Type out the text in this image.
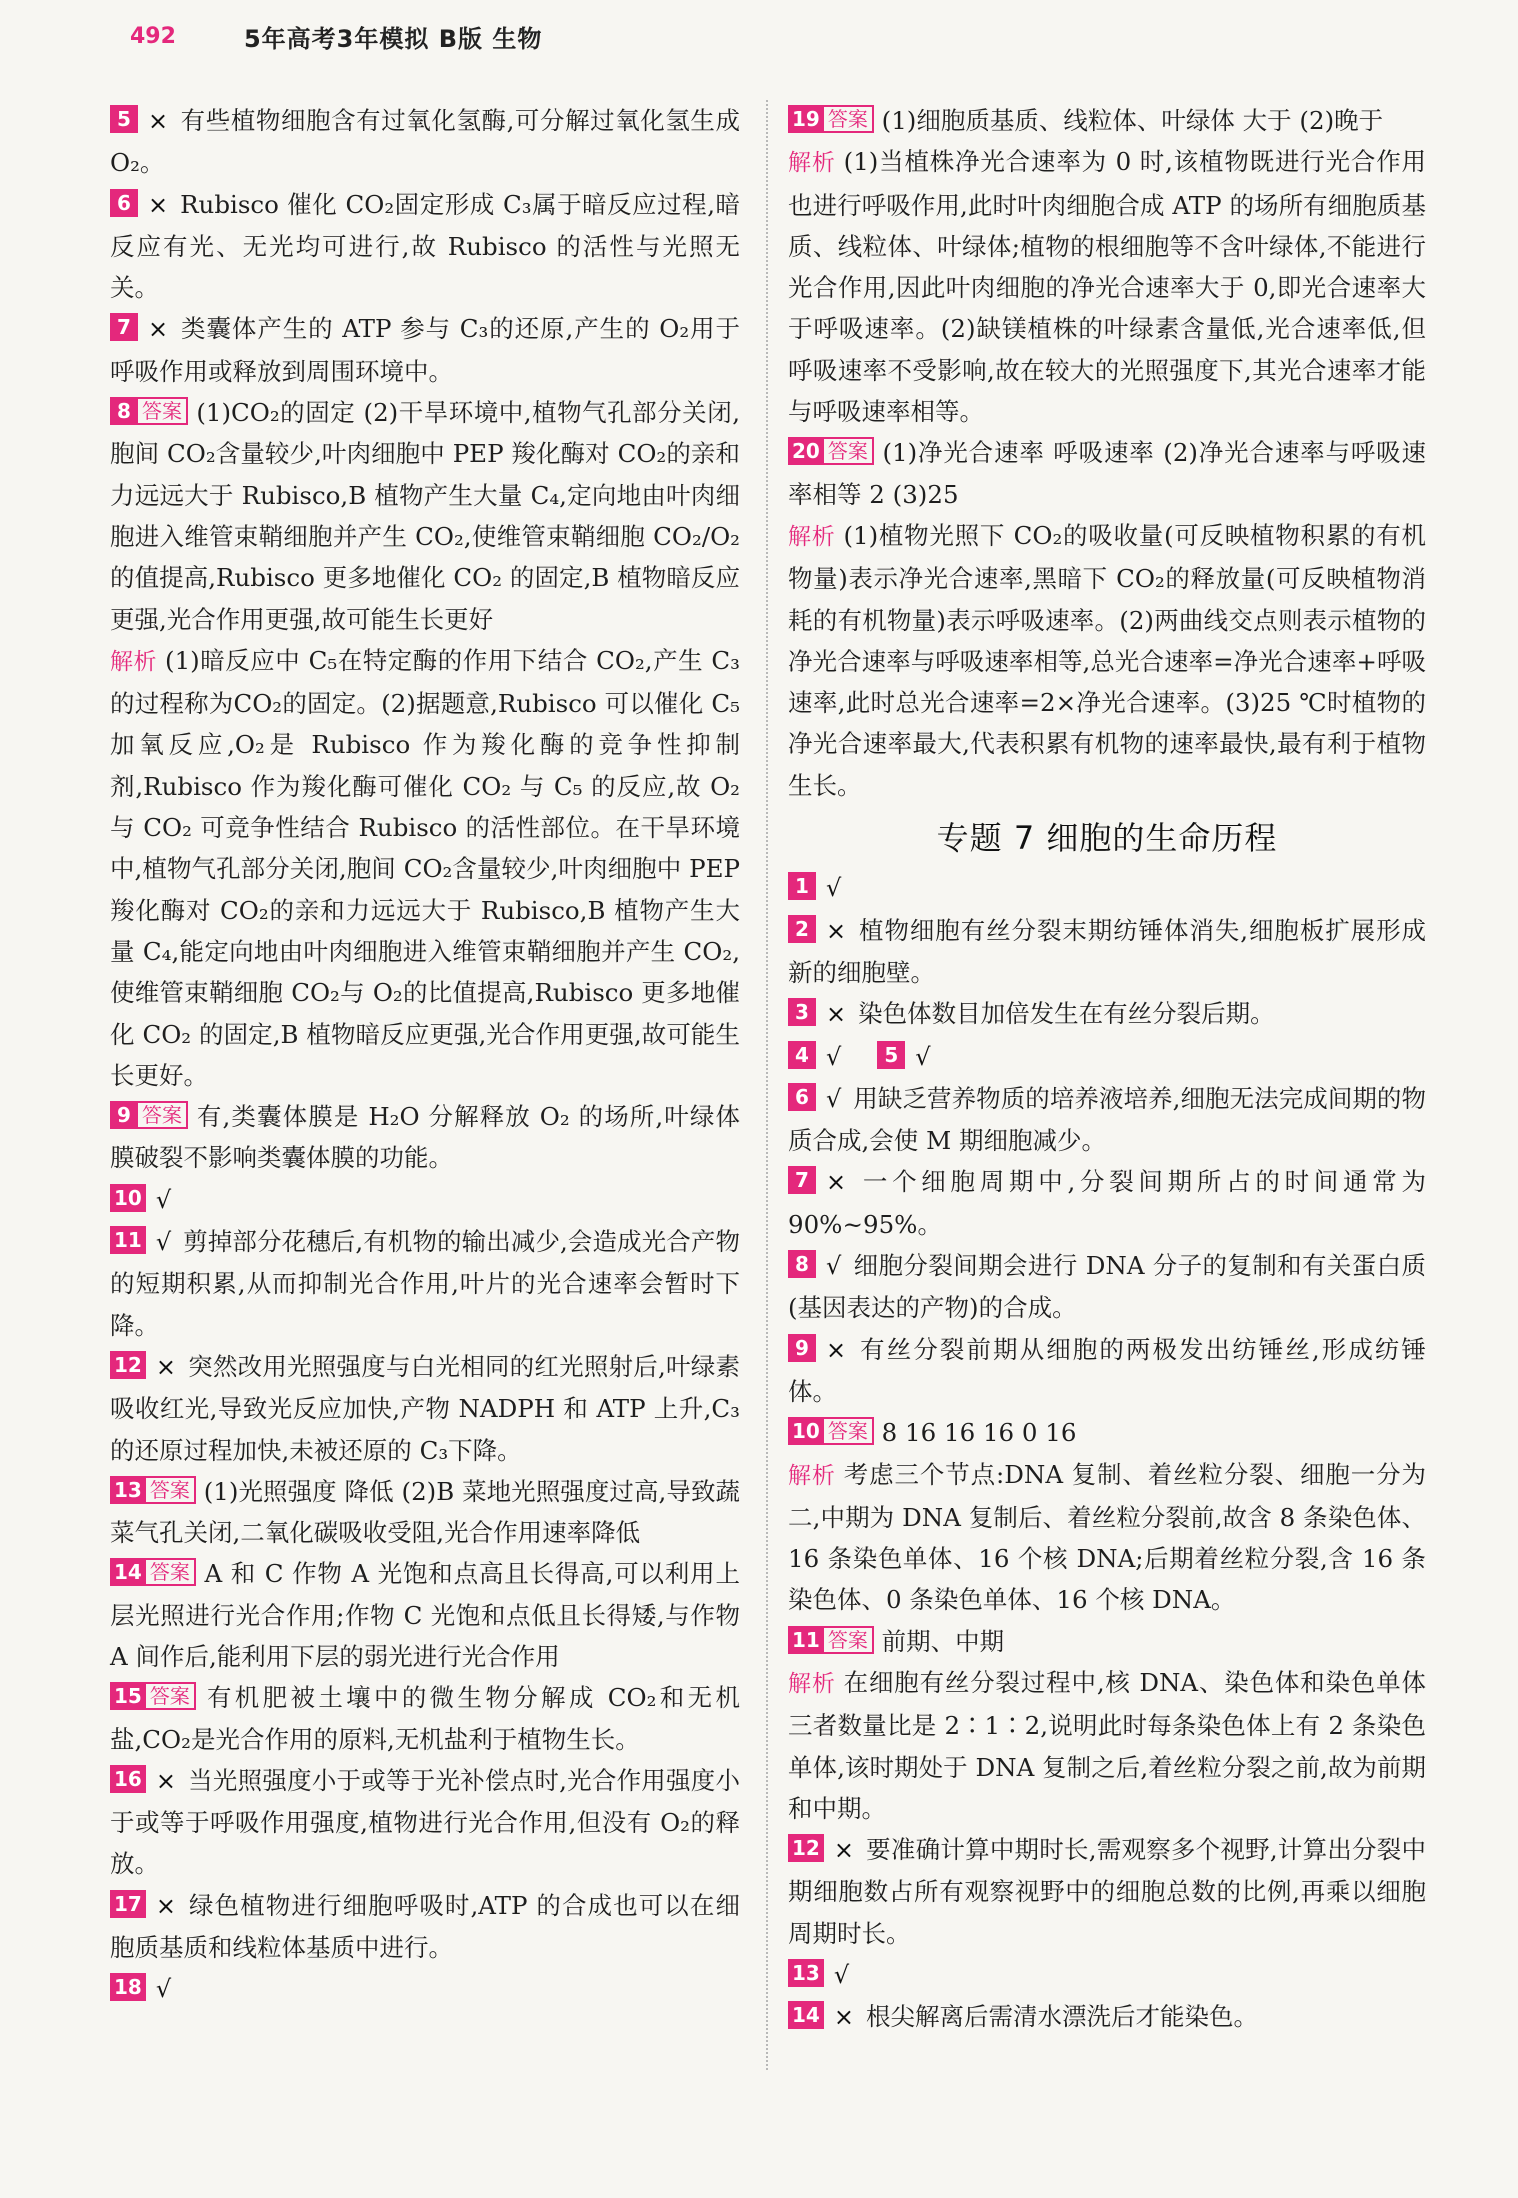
492	5年高考3年模拟 B版 生物
5 × 有些植物细胞含有过氧化氢酶,可分解过氧化氢生成 O₂。
6 × Rubisco 催化 CO₂固定形成 C₃属于暗反应过程,暗反应有光、无光均可进行,故 Rubisco 的活性与光照无关。
7 × 类囊体产生的 ATP 参与 C₃的还原,产生的 O₂用于呼吸作用或释放到周围环境中。
8 答案 (1)CO₂的固定 (2)干旱环境中,植物气孔部分关闭,胞间 CO₂含量较少,叶肉细胞中 PEP 羧化酶对 CO₂的亲和力远远大于 Rubisco,B 植物产生大量 C₄,定向地由叶肉细胞进入维管束鞘细胞并产生 CO₂,使维管束鞘细胞 CO₂/O₂的值提高,Rubisco 更多地催化 CO₂ 的固定,B 植物暗反应更强,光合作用更强,故可能生长更好
解析 (1)暗反应中 C₅在特定酶的作用下结合 CO₂,产生 C₃的过程称为CO₂的固定。(2)据题意,Rubisco 可以催化 C₅加氧反应,O₂是 Rubisco 作为羧化酶的竞争性抑制剂,Rubisco 作为羧化酶可催化 CO₂ 与 C₅ 的反应,故 O₂ 与 CO₂ 可竞争性结合 Rubisco 的活性部位。在干旱环境中,植物气孔部分关闭,胞间 CO₂含量较少,叶肉细胞中 PEP 羧化酶对 CO₂的亲和力远远大于 Rubisco,B 植物产生大量 C₄,能定向地由叶肉细胞进入维管束鞘细胞并产生 CO₂,使维管束鞘细胞 CO₂与 O₂的比值提高,Rubisco 更多地催化 CO₂ 的固定,B 植物暗反应更强,光合作用更强,故可能生长更好。
9 答案 有,类囊体膜是 H₂O 分解释放 O₂ 的场所,叶绿体膜破裂不影响类囊体膜的功能。
10 √
11 √ 剪掉部分花穗后,有机物的输出减少,会造成光合产物的短期积累,从而抑制光合作用,叶片的光合速率会暂时下降。
12 × 突然改用光照强度与白光相同的红光照射后,叶绿素吸收红光,导致光反应加快,产物 NADPH 和 ATP 上升,C₃的还原过程加快,未被还原的 C₃下降。
13 答案 (1)光照强度 降低 (2)B 菜地光照强度过高,导致蔬菜气孔关闭,二氧化碳吸收受阻,光合作用速率降低
14 答案 A 和 C 作物 A 光饱和点高且长得高,可以利用上层光照进行光合作用;作物 C 光饱和点低且长得矮,与作物 A 间作后,能利用下层的弱光进行光合作用
15 答案 有机肥被土壤中的微生物分解成 CO₂和无机盐,CO₂是光合作用的原料,无机盐利于植物生长。
16 × 当光照强度小于或等于光补偿点时,光合作用强度小于或等于呼吸作用强度,植物进行光合作用,但没有 O₂的释放。
17 × 绿色植物进行细胞呼吸时,ATP 的合成也可以在细胞质基质和线粒体基质中进行。
18 √
19 答案 (1)细胞质基质、线粒体、叶绿体 大于 (2)晚于
解析 (1)当植株净光合速率为 0 时,该植物既进行光合作用也进行呼吸作用,此时叶肉细胞合成 ATP 的场所有细胞质基质、线粒体、叶绿体;植物的根细胞等不含叶绿体,不能进行光合作用,因此叶肉细胞的净光合速率大于 0,即光合速率大于呼吸速率。(2)缺镁植株的叶绿素含量低,光合速率低,但呼吸速率不受影响,故在较大的光照强度下,其光合速率才能与呼吸速率相等。
20 答案 (1)净光合速率 呼吸速率 (2)净光合速率与呼吸速率相等 2 (3)25
解析 (1)植物光照下 CO₂的吸收量(可反映植物积累的有机物量)表示净光合速率,黑暗下 CO₂的释放量(可反映植物消耗的有机物量)表示呼吸速率。(2)两曲线交点则表示植物的净光合速率与呼吸速率相等,总光合速率=净光合速率+呼吸速率,此时总光合速率=2×净光合速率。(3)25 ℃时植物的净光合速率最大,代表积累有机物的速率最快,最有利于植物生长。
专题 7 细胞的生命历程
1 √
2 × 植物细胞有丝分裂末期纺锤体消失,细胞板扩展形成新的细胞壁。
3 × 染色体数目加倍发生在有丝分裂后期。
4 √ 5 √
6 √ 用缺乏营养物质的培养液培养,细胞无法完成间期的物质合成,会使 M 期细胞减少。
7 × 一个细胞周期中,分裂间期所占的时间通常为 90%~95%。
8 √ 细胞分裂间期会进行 DNA 分子的复制和有关蛋白质(基因表达的产物)的合成。
9 × 有丝分裂前期从细胞的两极发出纺锤丝,形成纺锤体。
10 答案 8 16 16 16 0 16
解析 考虑三个节点:DNA 复制、着丝粒分裂、细胞一分为二,中期为 DNA 复制后、着丝粒分裂前,故含 8 条染色体、16 条染色单体、16 个核 DNA;后期着丝粒分裂,含 16 条染色体、0 条染色单体、16 个核 DNA。
11 答案 前期、中期
解析 在细胞有丝分裂过程中,核 DNA、染色体和染色单体三者数量比是 2∶1∶2,说明此时每条染色体上有 2 条染色单体,该时期处于 DNA 复制之后,着丝粒分裂之前,故为前期和中期。
12 × 要准确计算中期时长,需观察多个视野,计算出分裂中期细胞数占所有观察视野中的细胞总数的比例,再乘以细胞周期时长。
13 √
14 × 根尖解离后需清水漂洗后才能染色。
